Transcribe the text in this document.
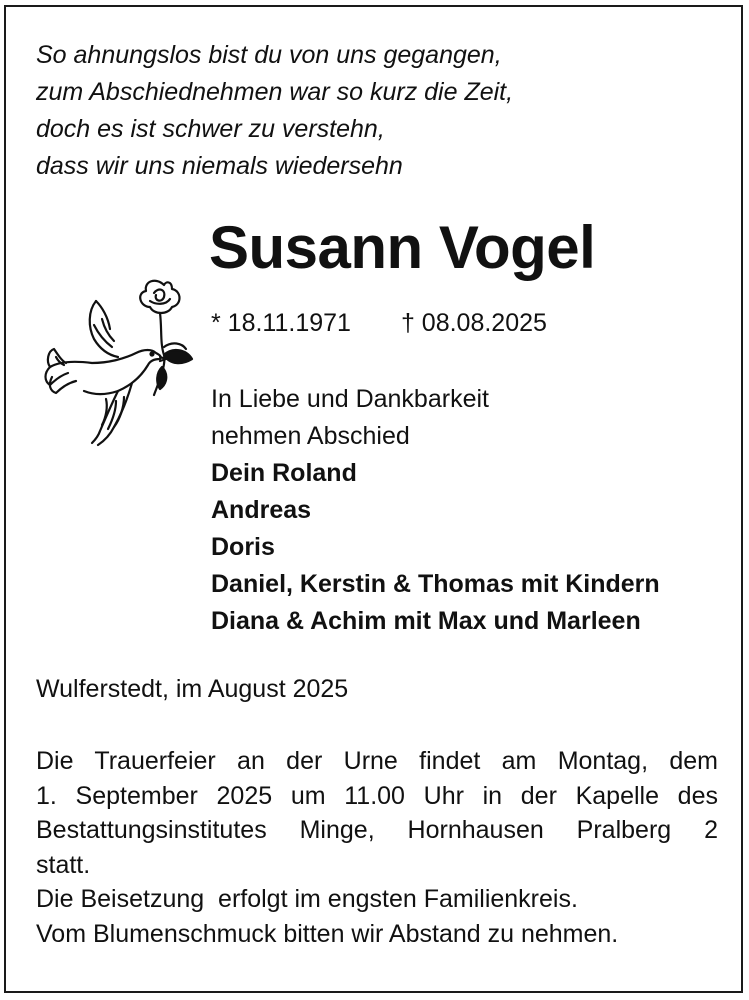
So ahnungslos bist du von uns gegangen,
zum Abschiednehmen war so kurz die Zeit,
doch es ist schwer zu verstehn,
dass wir uns niemals wiedersehn
Susann Vogel
* 18.11.1971 † 08.08.2025
In Liebe und Dankbarkeit
nehmen Abschied
Dein Roland
Andreas
Doris
Daniel, Kerstin & Thomas mit Kindern
Diana & Achim mit Max und Marleen
Wulferstedt, im August 2025
Die Trauerfeier an der Urne findet am Montag, dem
1. September 2025 um 11.00 Uhr in der Kapelle des
Bestattungsinstitutes Minge, Hornhausen Pralberg 2
statt.
Die Beisetzung  erfolgt im engsten Familienkreis.
Vom Blumenschmuck bitten wir Abstand zu nehmen.
